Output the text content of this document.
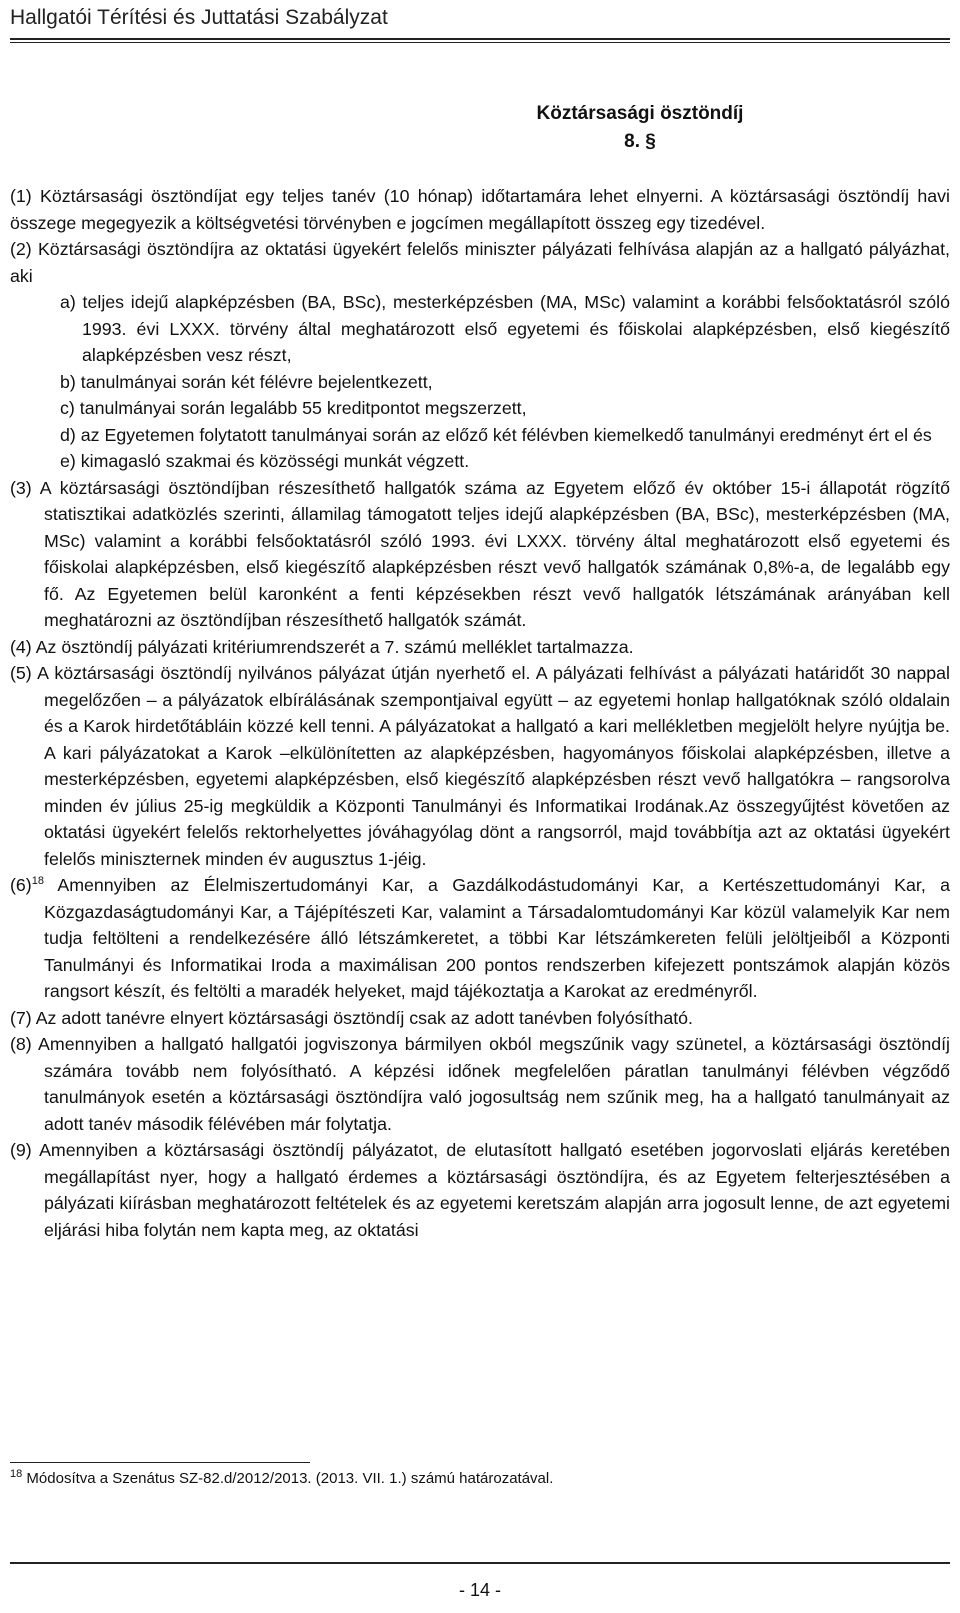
Hallgatói Térítési és Juttatási Szabályzat
Köztársasági ösztöndíj
8. §

(1) Köztársasági ösztöndíjat egy teljes tanév (10 hónap) időtartamára lehet elnyerni. A köztársasági ösztöndíj havi összege megegyezik a költségvetési törvényben e jogcímen megállapított összeg egy tizedével.

(2) Köztársasági ösztöndíjra az oktatási ügyekért felelős miniszter pályázati felhívása alapján az a hallgató pályázhat, aki

a) teljes idejű alapképzésben (BA, BSc), mesterképzésben (MA, MSc) valamint a korábbi felsőoktatásról szóló 1993. évi LXXX. törvény által meghatározott első egyetemi és főiskolai alapképzésben, első kiegészítő alapképzésben vesz részt,

b) tanulmányai során két félévre bejelentkezett,

c) tanulmányai során legalább 55 kreditpontot megszerzett,

d) az Egyetemen folytatott tanulmányai során az előző két félévben kiemelkedő tanulmányi eredményt ért el és

e) kimagasló szakmai és közösségi munkát végzett.

(3) A köztársasági ösztöndíjban részesíthető hallgatók száma az Egyetem előző év október 15-i állapotát rögzítő statisztikai adatközlés szerinti, államilag támogatott teljes idejű alapképzésben (BA, BSc), mesterképzésben (MA, MSc) valamint a korábbi felsőoktatásról szóló 1993. évi LXXX. törvény által meghatározott első egyetemi és főiskolai alapképzésben, első kiegészítő alapképzésben részt vevő hallgatók számának 0,8%-a, de legalább egy fő. Az Egyetemen belül karonként a fenti képzésekben részt vevő hallgatók létszámának arányában kell meghatározni az ösztöndíjban részesíthető hallgatók számát.

(4) Az ösztöndíj pályázati kritériumrendszerét a 7. számú melléklet tartalmazza.

(5) A köztársasági ösztöndíj nyilvános pályázat útján nyerhető el. A pályázati felhívást a pályázati határidőt 30 nappal megelőzően – a pályázatok elbírálásának szempontjaival együtt – az egyetemi honlap hallgatóknak szóló oldalain és a Karok hirdetőtábláin közzé kell tenni. A pályázatokat a hallgató a kari mellékletben megjelölt helyre nyújtja be. A kari pályázatokat a Karok –elkülönítetten az alapképzésben, hagyományos főiskolai alapképzésben, illetve a mesterképzésben, egyetemi alapképzésben, első kiegészítő alapképzésben részt vevő hallgatókra – rangsorolva minden év július 25-ig megküldik a Központi Tanulmányi és Informatikai Irodának.Az összegyűjtést követően az oktatási ügyekért felelős rektorhelyettes jóváhagyólag dönt a rangsorról, majd továbbítja azt az oktatási ügyekért felelős miniszternek minden év augusztus 1-jéig.

$(6)^{18}$ Amennyiben az Élelmiszertudományi Kar, a Gazdálkodástudományi Kar, a Kertészettudományi Kar, a Közgazdaságtudományi Kar, a Tájépítészeti Kar, valamint a Társadalomtudományi Kar közül valamelyik Kar nem tudja feltölteni a rendelkezésére álló létszámkeretet, a többi Kar létszámkereten felüli jelöltjeiből a Központi Tanulmányi és Informatikai Iroda a maximálisan 200 pontos rendszerben kifejezett pontszámok alapján közös rangsort készít, és feltölti a maradék helyeket, majd tájékoztatja a Karokat az eredményről.

(7) Az adott tanévre elnyert köztársasági ösztöndíj csak az adott tanévben folyósítható.

(8) Amennyiben a hallgató hallgatói jogviszonya bármilyen okból megszűnik vagy szünetel, a köztársasági ösztöndíj számára tovább nem folyósítható. A képzési időnek megfelelően páratlan tanulmányi félévben végződő tanulmányok esetén a köztársasági ösztöndíjra való jogosultság nem szűnik meg, ha a hallgató tanulmányait az adott tanév második félévében már folytatja.

(9) Amennyiben a köztársasági ösztöndíj pályázatot, de elutasított hallgató esetében jogorvoslati eljárás keretében megállapítást nyer, hogy a hallgató érdemes a köztársasági ösztöndíjra, és az Egyetem felterjesztésében a pályázati kiírásban meghatározott feltételek és az egyetemi keretszám alapján arra jogosult lenne, de azt egyetemi eljárási hiba folytán nem kapta meg, az oktatási

$^{18}$ Módosítva a Szenátus SZ-82.d/2012/2013. (2013. VII. 1.) számú határozatával.
- 14 -
